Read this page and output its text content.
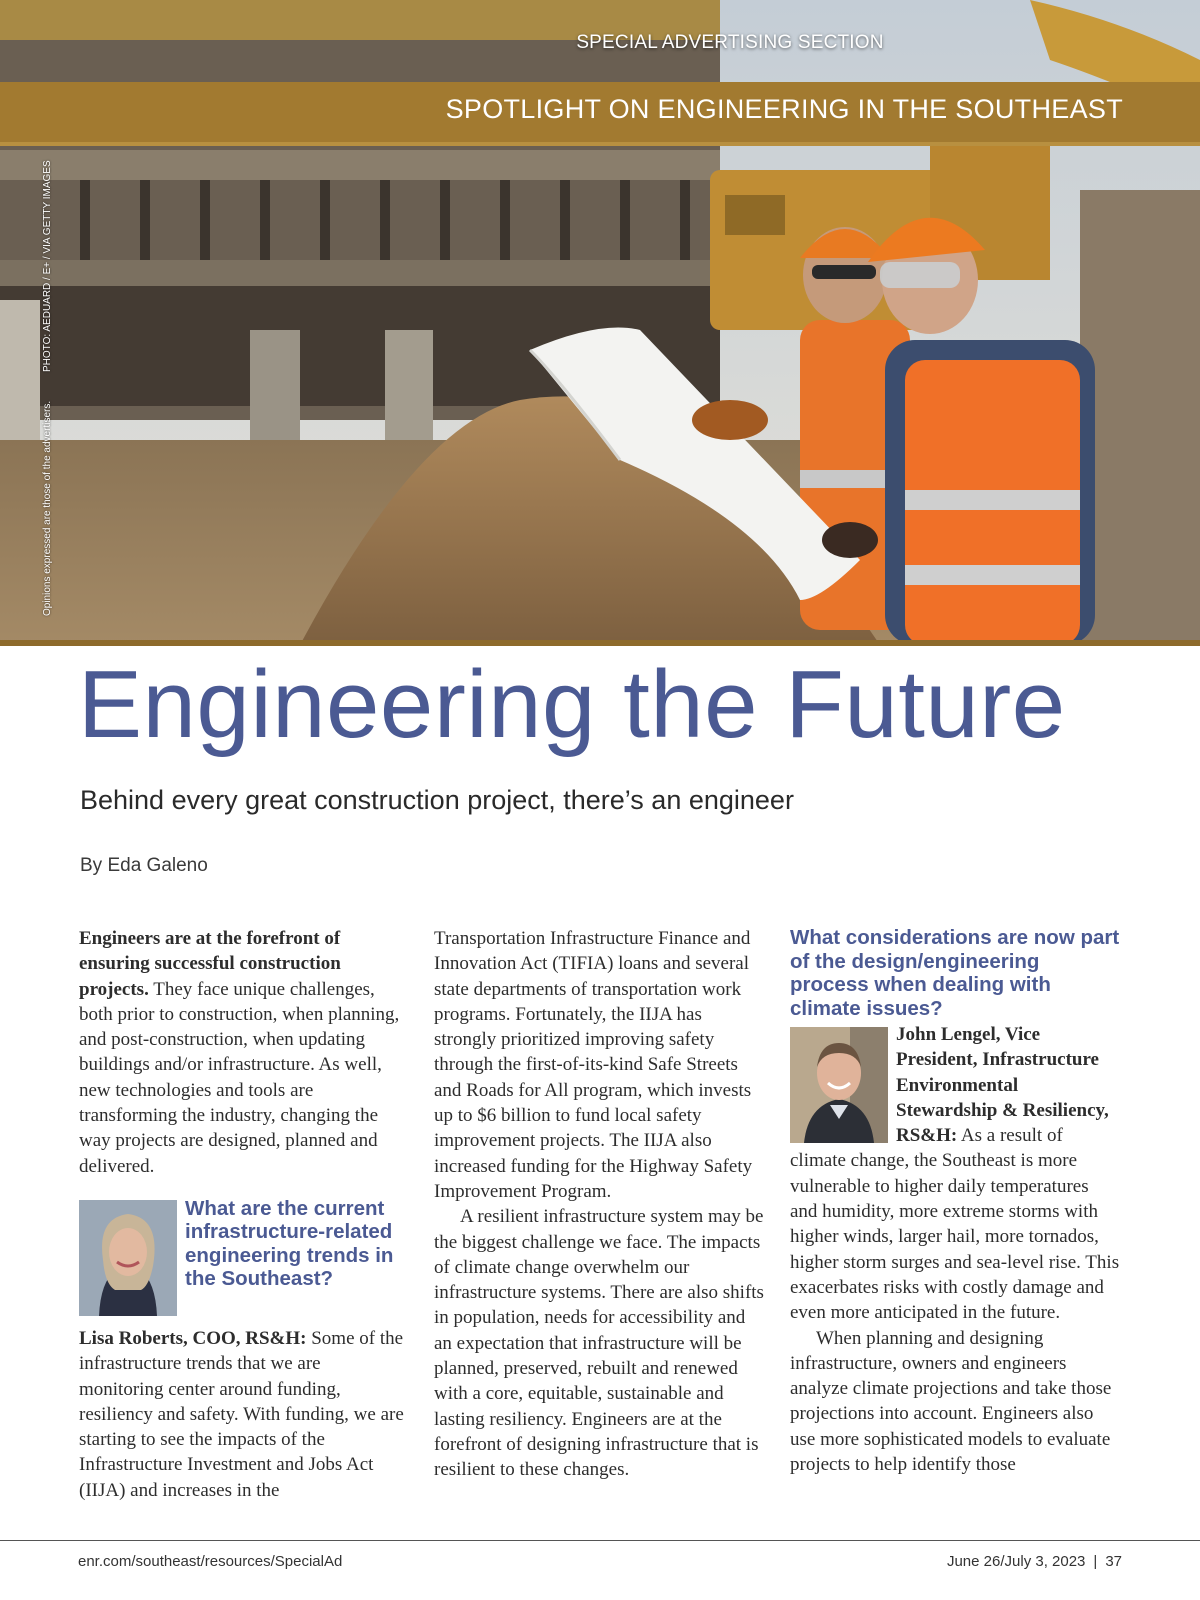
SPECIAL ADVERTISING SECTION
SPOTLIGHT ON ENGINEERING IN THE SOUTHEAST
PHOTO: AEDUARD / E+ / VIA GETTY IMAGES
Opinions expressed are those of the advertisers.
Engineering the Future
Behind every great construction project, there’s an engineer
By Eda Galeno

Engineers are at the forefront of ensuring successful construction projects. They face unique challenges, both prior to construction, when planning, and post-construction, when updating buildings and/or infrastructure. As well, new technologies and tools are transforming the industry, changing the way projects are designed, planned and delivered.

What are the current infrastructure-related engineering trends in the Southeast?

Lisa Roberts, COO, RS&H: Some of the infrastructure trends that we are monitoring center around funding, resiliency and safety. With funding, we are starting to see the impacts of the Infrastructure Investment and Jobs Act (IIJA) and increases in the

Transportation Infrastructure Finance and Innovation Act (TIFIA) loans and several state departments of transportation work programs. Fortunately, the IIJA has strongly prioritized improving safety through the first-of-its-kind Safe Streets and Roads for All program, which invests up to $6 billion to fund local safety improvement projects. The IIJA also increased funding for the Highway Safety Improvement Program.

A resilient infrastructure system may be the biggest challenge we face. The impacts of climate change overwhelm our infrastructure systems. There are also shifts in population, needs for accessibility and an expectation that infrastructure will be planned, preserved, rebuilt and renewed with a core, equitable, sustainable and lasting resiliency. Engineers are at the forefront of designing infrastructure that is resilient to these changes.

What considerations are now part of the design/engineering process when dealing with climate issues?

John Lengel, Vice President, Infrastructure Environmental Stewardship & Resiliency, RS&H: As a result of climate change, the Southeast is more vulnerable to higher daily temperatures and humidity, more extreme storms with higher winds, larger hail, more tornados, higher storm surges and sea-level rise. This exacerbates risks with costly damage and even more anticipated in the future.

When planning and designing infrastructure, owners and engineers analyze climate projections and take those projections into account. Engineers also use more sophisticated models to evaluate projects to help identify those

enr.com/southeast/resources/SpecialAd	June 26/July 3, 2023 | 37
